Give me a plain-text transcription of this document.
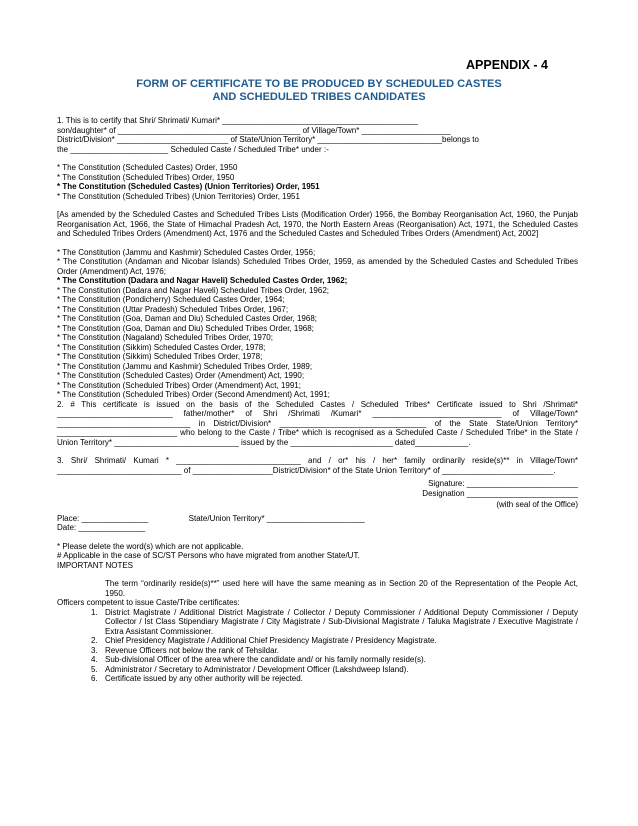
APPENDIX - 4
FORM OF CERTIFICATE TO BE PRODUCED BY SCHEDULED CASTES
AND SCHEDULED TRIBES CANDIDATES
1. This is to certify that Shri/ Shrimati/ Kumari* ____________________________________________
son/daughter* of _________________________________________ of Village/Town* ____________________
District/Division* _________________________ of State/Union Territory* ____________________________belongs to
the ______________________ Scheduled Caste / Scheduled Tribe* under :-
* The Constitution (Scheduled Castes) Order, 1950
* The Constitution (Scheduled Tribes) Order, 1950
* The Constitution (Scheduled Castes) (Union Territories) Order, 1951
* The Constitution (Scheduled Tribes) (Union Territories) Order, 1951
[As amended by the Scheduled Castes and Scheduled Tribes Lists (Modification Order) 1956, the Bombay Reorganisation Act, 1960, the Punjab Reorganisation Act, 1966, the State of Himachal Pradesh Act, 1970, the North Eastern Areas (Reorganisation) Act, 1971, the Scheduled Castes and Scheduled Tribes Orders (Amendment) Act, 1976 and the Scheduled Castes and Scheduled Tribes Orders (Amendment) Act, 2002]
* The Constitution (Jammu and Kashmir) Scheduled Castes Order, 1956;
* The Constitution (Andaman and Nicobar Islands) Scheduled Tribes Order, 1959, as amended by the Scheduled Castes and Scheduled Tribes Order (Amendment) Act, 1976;
* The Constitution (Dadara and Nagar Haveli) Scheduled Castes Order, 1962;
* The Constitution (Dadara and Nagar Haveli) Scheduled Tribes Order, 1962;
* The Constitution (Pondicherry) Scheduled Castes Order, 1964;
* The Constitution (Uttar Pradesh) Scheduled Tribes Order, 1967;
* The Constitution (Goa, Daman and Diu) Scheduled Castes Order, 1968;
* The Constitution (Goa, Daman and Diu) Scheduled Tribes Order, 1968;
* The Constitution (Nagaland) Scheduled Tribes Order, 1970;
* The Constitution (Sikkim) Scheduled Castes Order, 1978;
* The Constitution (Sikkim) Scheduled Tribes Order, 1978;
* The Constitution (Jammu and Kashmir) Scheduled Tribes Order, 1989;
* The Constitution (Scheduled Castes) Order (Amendment) Act, 1990;
* The Constitution (Scheduled Tribes) Order (Amendment) Act, 1991;
* The Constitution (Scheduled Tribes) Order (Second Amendment) Act, 1991;
2. # This certificate is issued on the basis of the Scheduled Castes / Scheduled Tribes* Certificate issued to Shri /Shrimati* __________________________ father/mother* of Shri /Shrimati /Kumari* _____________________________ of Village/Town* ______________________________ in District/Division* _________________________________ of the State State/Union Territory* ___________________________ who belong to the Caste / Tribe* which is recognised as a Scheduled Caste / Scheduled Tribe* in the State / Union Territory* ____________________________ issued by the _______________________ dated____________.
3. Shri/ Shrimati/ Kumari * ____________________________ and / or* his / her* family ordinarily reside(s)** in Village/Town* ____________________________ of __________________District/Division* of the State Union Territory* of _________________________.
Signature: _________________________
Designation _________________________
(with seal of the Office)
Place: _______________	State/Union Territory* ______________________
Date: _______________
* Please delete the word(s) which are not applicable.
# Applicable in the case of SC/ST Persons who have migrated from another State/UT.
IMPORTANT NOTES
The term “ordinarily reside(s)**” used here will have the same meaning as in Section 20 of the Representation of the People Act, 1950.
Officers competent to issue Caste/Tribe certificates:
1. District Magistrate / Additional District Magistrate / Collector / Deputy Commissioner / Additional Deputy Commissioner / Deputy Collector / Ist Class Stipendiary Magistrate / City Magistrate / Sub-Divisional Magistrate / Taluka Magistrate / Executive Magistrate / Extra Assistant Commissioner.
2. Chief Presidency Magistrate / Additional Chief Presidency Magistrate / Presidency Magistrate.
3. Revenue Officers not below the rank of Tehsildar.
4. Sub-divisional Officer of the area where the candidate and/ or his family normally reside(s).
5. Administrator / Secretary to Administrator / Development Officer (Lakshdweep Island).
6. Certificate issued by any other authority will be rejected.
